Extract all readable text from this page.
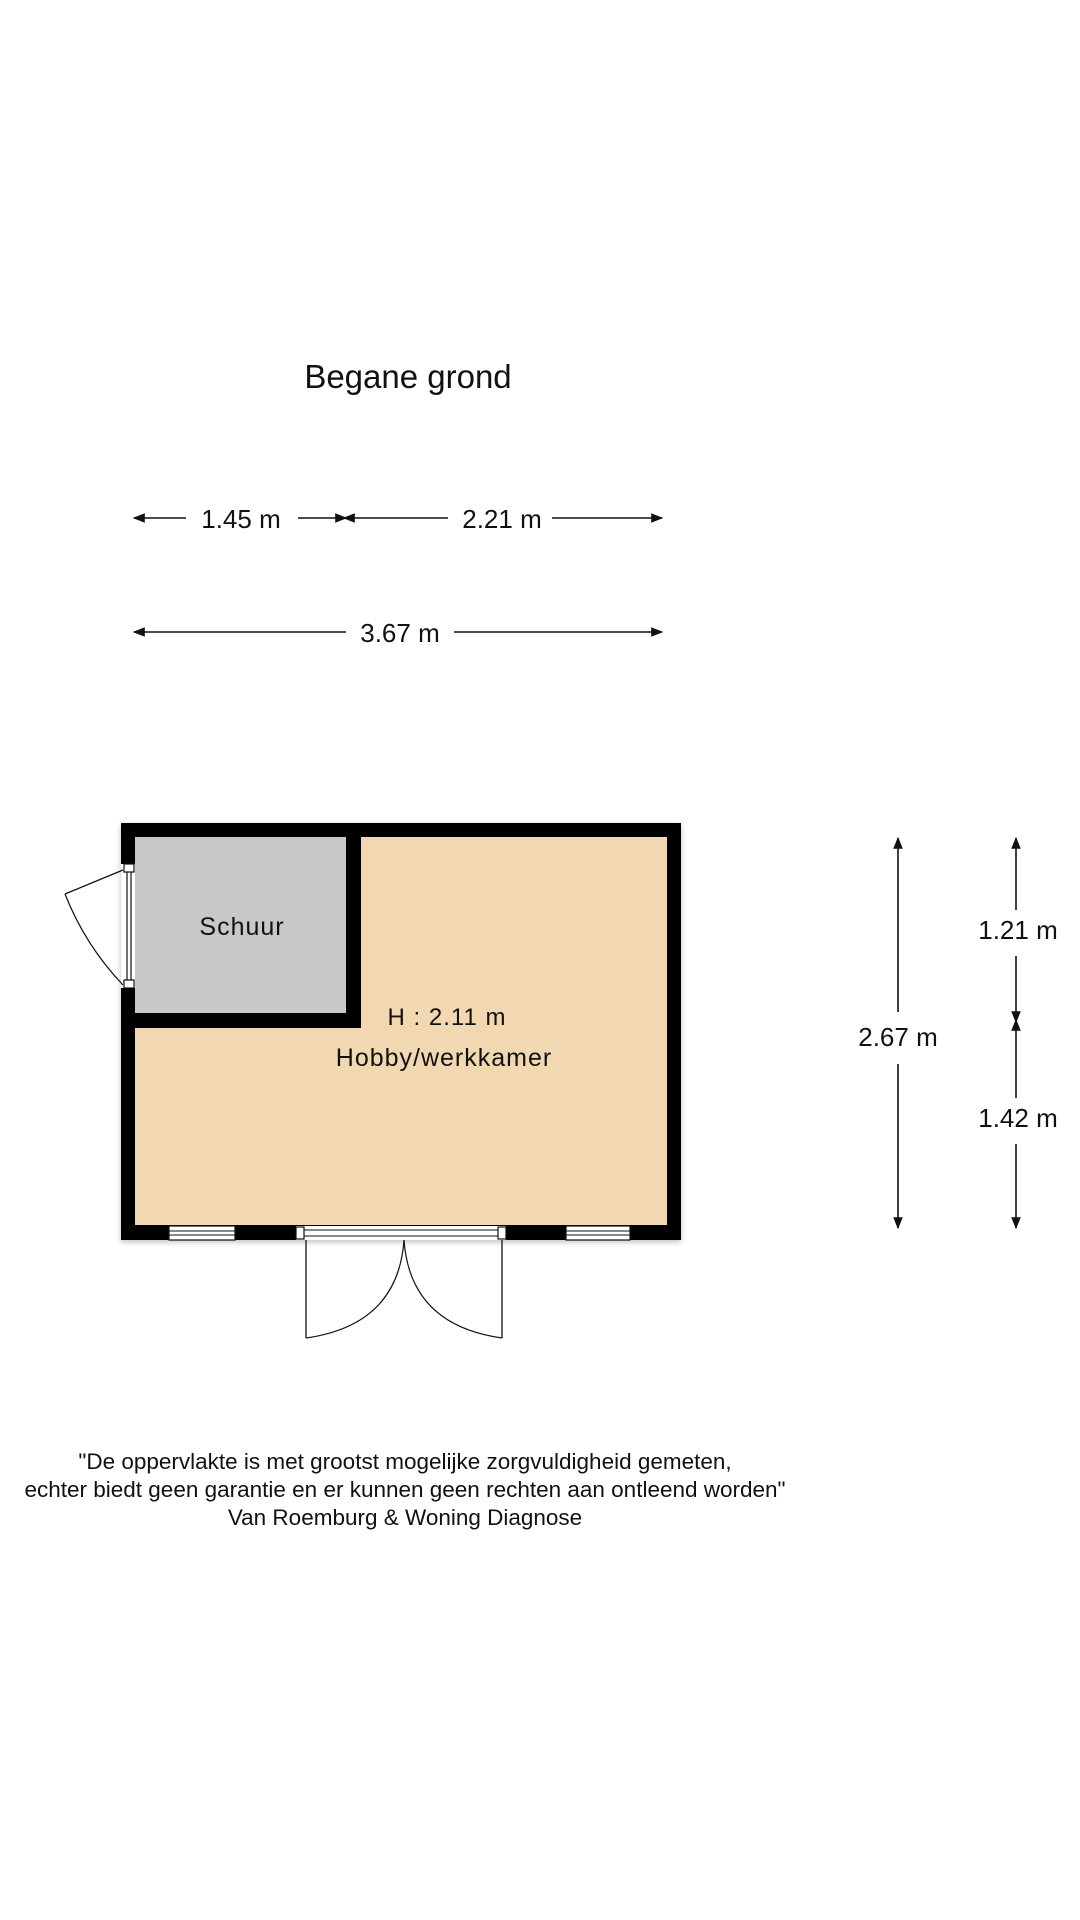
Begane grond
1.45 m	2.21 m
3.67 m
Schuur
H : 2.11 m
Hobby/werkkamer
2.67 m
1.21 m
1.42 m
"De oppervlakte is met grootst mogelijke zorgvuldigheid gemeten,
echter biedt geen garantie en er kunnen geen rechten aan ontleend worden"
Van Roemburg & Woning Diagnose
